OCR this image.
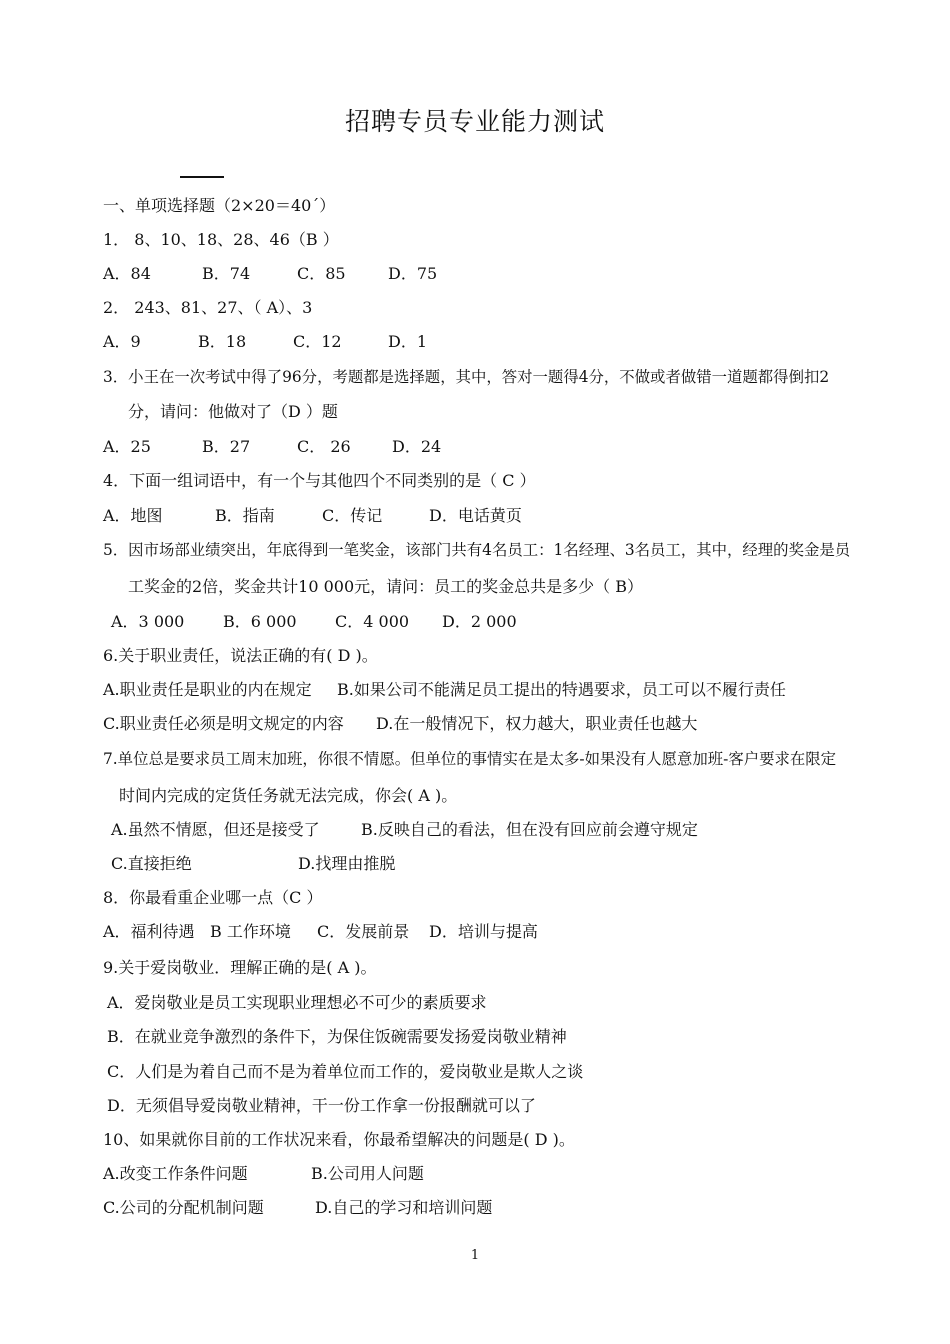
招聘专员专业能力测试
一、单项选择题（2×20＝40´）
1． 8、10、18、28、46（B ）
A．84	B．74	C．85	D．75
2． 243、81、27、（ A）、3
A．9	B．18	C．12	D．1
3．小王在一次考试中得了96分，考题都是选择题，其中，答对一题得4分，不做或者做错一道题都得倒扣2
分，请问：他做对了（D ）题
A．25	B．27	C． 26	D．24
4．下面一组词语中，有一个与其他四个不同类别的是（ C ）
A．地图	B．指南	C．传记	D．电话黄页
5．因市场部业绩突出，年底得到一笔奖金，该部门共有4名员工：1名经理、3名员工，其中，经理的奖金是员
工奖金的2倍，奖金共计10 000元，请问：员工的奖金总共是多少（ B）
A．3 000 B．6 000 C．4 000 D．2 000
6.关于职业责任，说法正确的有( D )。
A.职业责任是职业的内在规定 B.如果公司不能满足员工提出的特遇要求，员工可以不履行责任
C.职业责任必须是明文规定的内容 D.在一般情况下，权力越大，职业责任也越大
7.单位总是要求员工周末加班，你很不情愿。但单位的事情实在是太多-如果没有人愿意加班-客户要求在限定
时间内完成的定货任务就无法完成，你会( A )。
A.虽然不情愿，但还是接受了	B.反映自己的看法，但在没有回应前会遵守规定
C.直接拒绝	D.找理由推脱
8．你最看重企业哪一点（C ）
A．福利待遇 B 工作环境 C．发展前景 D．培训与提高
9.关于爱岗敬业．理解正确的是( A )。
A．爱岗敬业是员工实现职业理想必不可少的素质要求
B．在就业竞争激烈的条件下，为保住饭碗需要发扬爱岗敬业精神
C．人们是为着自己而不是为着单位而工作的，爱岗敬业是欺人之谈
D．无须倡导爱岗敬业精神，干一份工作拿一份报酬就可以了
10、如果就你目前的工作状况来看，你最希望解决的问题是( D )。
A.改变工作条件问题	B.公司用人问题
C.公司的分配机制问题	D.自己的学习和培训问题
1
